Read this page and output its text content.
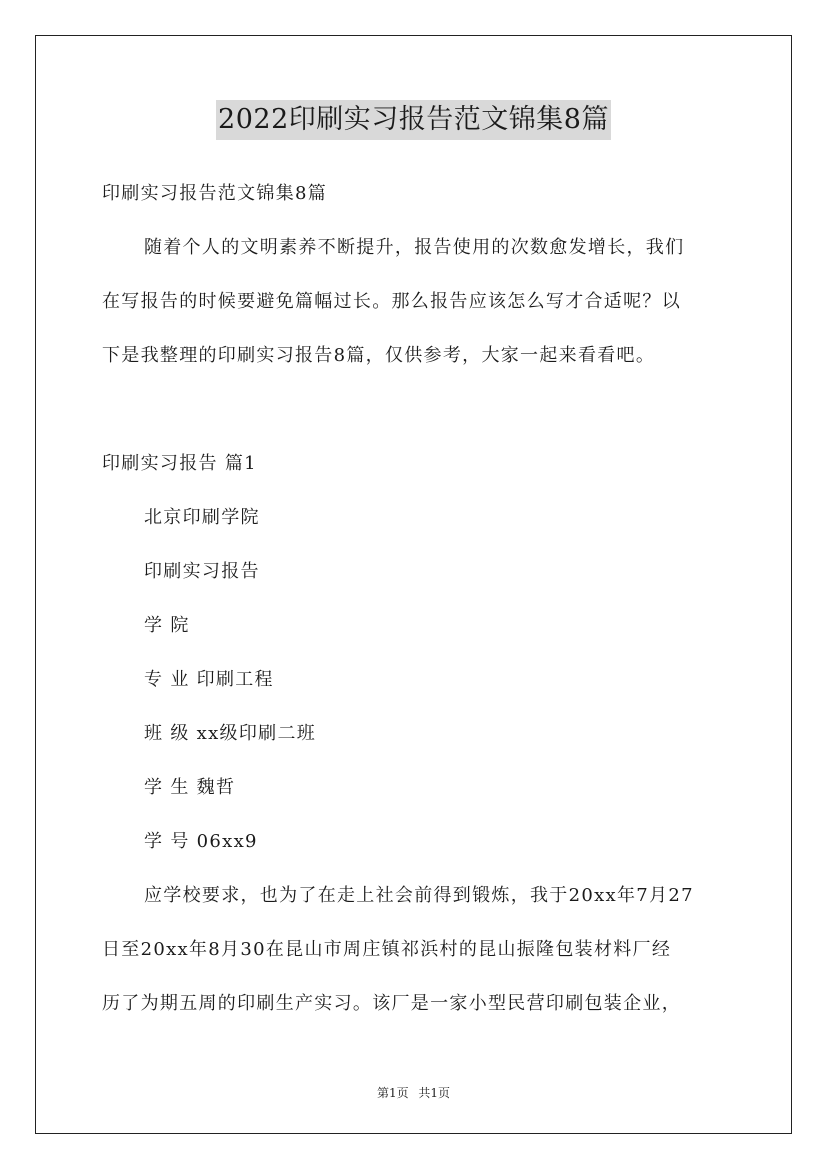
2022印刷实习报告范文锦集8篇
印刷实习报告范文锦集8篇
随着个人的文明素养不断提升，报告使用的次数愈发增长，我们
在写报告的时候要避免篇幅过长。那么报告应该怎么写才合适呢？以
下是我整理的印刷实习报告8篇，仅供参考，大家一起来看看吧。
印刷实习报告 篇1
北京印刷学院
印刷实习报告
学 院
专 业 印刷工程
班 级 xx级印刷二班
学 生 魏哲
学 号 06xx9
应学校要求，也为了在走上社会前得到锻炼，我于20xx年7月27
日至20xx年8月30在昆山市周庄镇祁浜村的昆山振隆包装材料厂经
历了为期五周的印刷生产实习。该厂是一家小型民营印刷包装企业，
第1页 共1页
